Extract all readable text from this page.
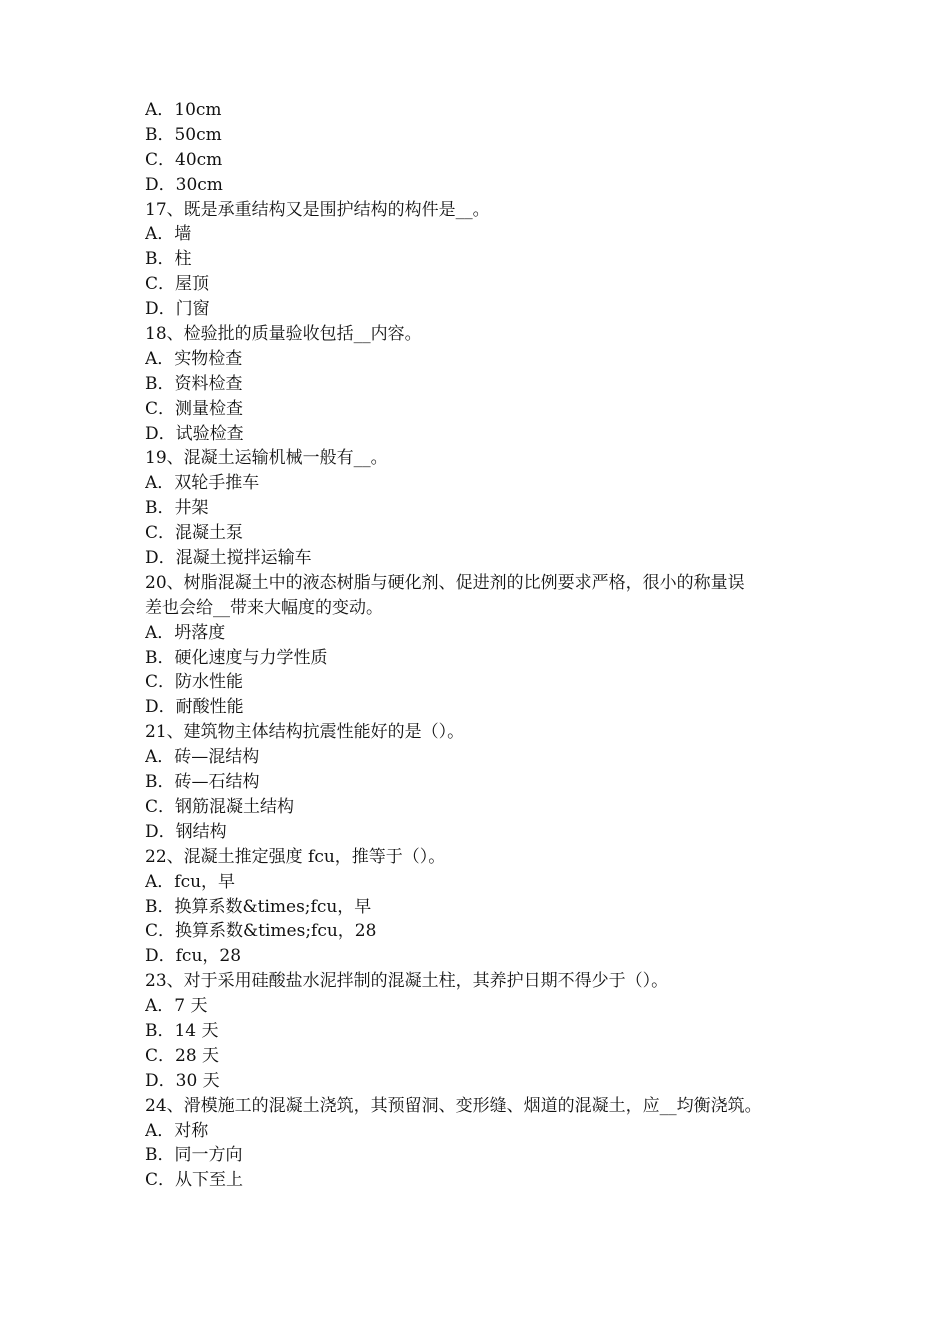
A．10cm
B．50cm
C．40cm
D．30cm
17、既是承重结构又是围护结构的构件是__。
A．墙
B．柱
C．屋顶
D．门窗
18、检验批的质量验收包括__内容。
A．实物检查
B．资料检查
C．测量检查
D．试验检查
19、混凝土运输机械一般有__。
A．双轮手推车
B．井架
C．混凝土泵
D．混凝土搅拌运输车
20、树脂混凝土中的液态树脂与硬化剂、促进剂的比例要求严格，很小的称量误
差也会给__带来大幅度的变动。
A．坍落度
B．硬化速度与力学性质
C．防水性能
D．耐酸性能
21、建筑物主体结构抗震性能好的是（）。
A．砖—混结构
B．砖—石结构
C．钢筋混凝土结构
D．钢结构
22、混凝土推定强度 fcu，推等于（）。
A．fcu，早
B．换算系数&times;fcu，早
C．换算系数&times;fcu，28
D．fcu，28
23、对于采用硅酸盐水泥拌制的混凝土柱，其养护日期不得少于（）。
A．7 天
B．14 天
C．28 天
D．30 天
24、滑模施工的混凝土浇筑，其预留洞、变形缝、烟道的混凝土，应__均衡浇筑。
A．对称
B．同一方向
C．从下至上
